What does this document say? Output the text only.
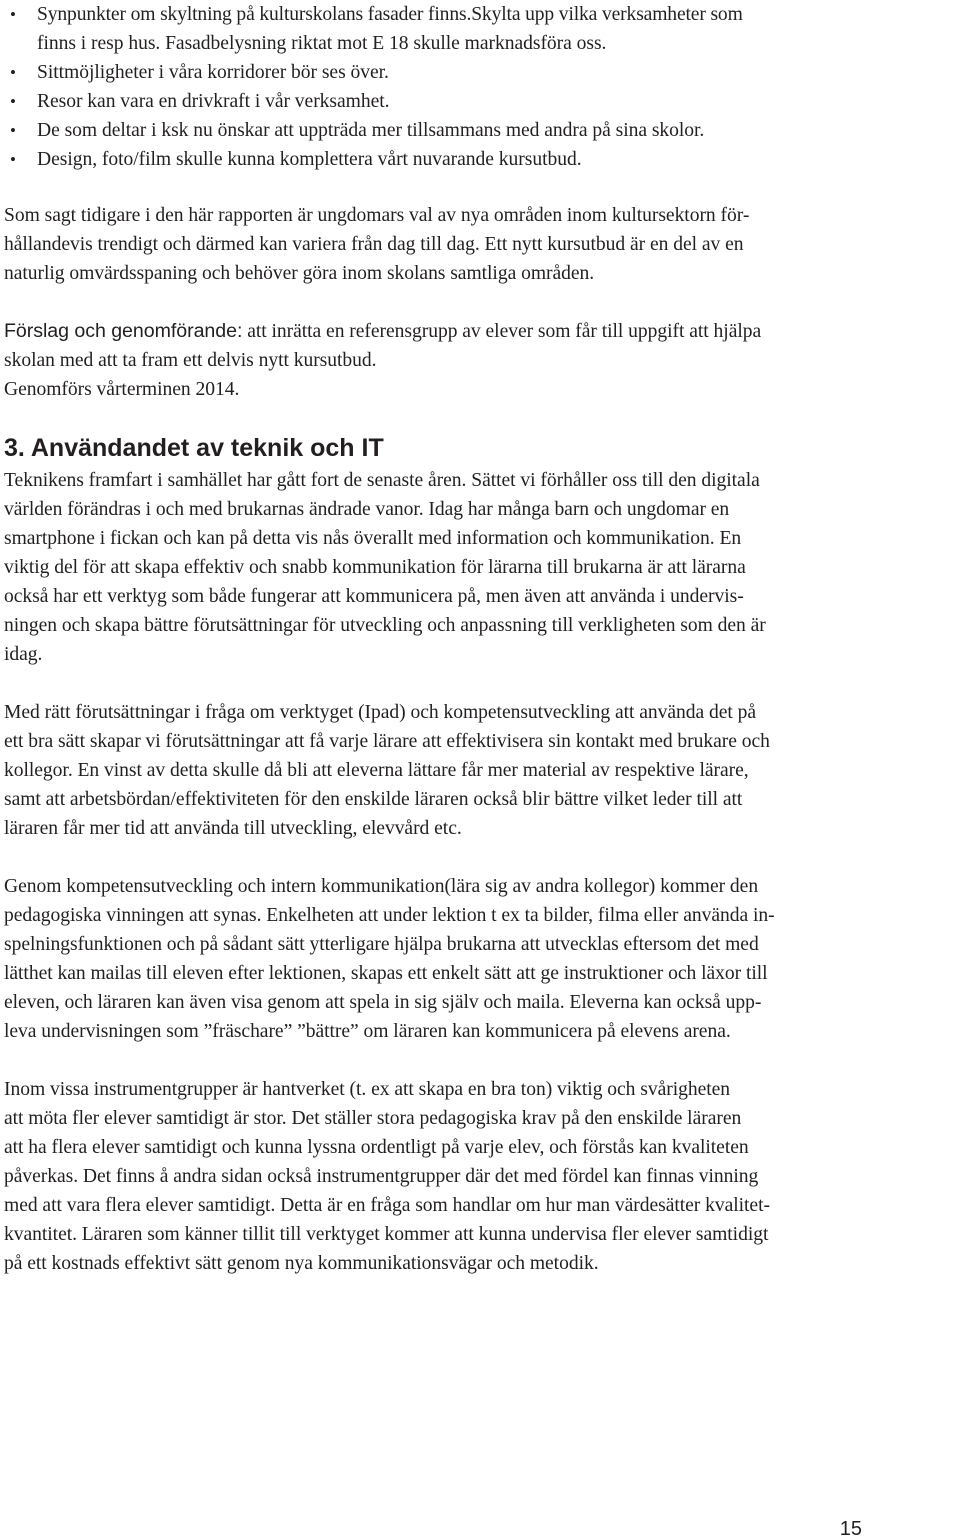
• Synpunkter om skyltning på kulturskolans fasader finns.Skylta upp vilka verksamheter som
finns i resp hus. Fasadbelysning riktat mot E 18 skulle marknadsföra oss.
• Sittmöjligheter i våra korridorer bör ses över.
• Resor kan vara en drivkraft i vår verksamhet.
• De som deltar i ksk nu önskar att uppträda mer tillsammans med andra på sina skolor.
• Design, foto/film skulle kunna komplettera vårt nuvarande kursutbud.
Som sagt tidigare i den här rapporten är ungdomars val av nya områden inom kultursektorn för-
hållandevis trendigt och därmed kan variera från dag till dag. Ett nytt kursutbud är en del av en
naturlig omvärdsspaning och behöver göra inom skolans samtliga områden.
Förslag och genomförande: att inrätta en referensgrupp av elever som får till uppgift att hjälpa
skolan med att ta fram ett delvis nytt kursutbud.
Genomförs vårterminen 2014.
3. Användandet av teknik och IT
Teknikens framfart i samhället har gått fort de senaste åren. Sättet vi förhåller oss till den digitala
världen förändras i och med brukarnas ändrade vanor. Idag har många barn och ungdomar en
smartphone i fickan och kan på detta vis nås överallt med information och kommunikation. En
viktig del för att skapa effektiv och snabb kommunikation för lärarna till brukarna är att lärarna
också har ett verktyg som både fungerar att kommunicera på, men även att använda i undervis-
ningen och skapa bättre förutsättningar för utveckling och anpassning till verkligheten som den är
idag.
Med rätt förutsättningar i fråga om verktyget (Ipad) och kompetensutveckling att använda det på
ett bra sätt skapar vi förutsättningar att få varje lärare att effektivisera sin kontakt med brukare och
kollegor. En vinst av detta skulle då bli att eleverna lättare får mer material av respektive lärare,
samt att arbetsbördan/effektiviteten för den enskilde läraren också blir bättre vilket leder till att
läraren får mer tid att använda till utveckling, elevvård etc.
Genom kompetensutveckling och intern kommunikation(lära sig av andra kollegor) kommer den
pedagogiska vinningen att synas. Enkelheten att under lektion t ex ta bilder, filma eller använda in-
spelningsfunktionen och på sådant sätt ytterligare hjälpa brukarna att utvecklas eftersom det med
lätthet kan mailas till eleven efter lektionen, skapas ett enkelt sätt att ge instruktioner och läxor till
eleven, och läraren kan även visa genom att spela in sig själv och maila. Eleverna kan också upp-
leva undervisningen som ”fräschare” ”bättre” om läraren kan kommunicera på elevens arena.
Inom vissa instrumentgrupper är hantverket (t. ex att skapa en bra ton) viktig och svårigheten
att möta fler elever samtidigt är stor. Det ställer stora pedagogiska krav på den enskilde läraren
att ha flera elever samtidigt och kunna lyssna ordentligt på varje elev, och förstås kan kvaliteten
påverkas. Det finns å andra sidan också instrumentgrupper där det med fördel kan finnas vinning
med att vara flera elever samtidigt. Detta är en fråga som handlar om hur man värdesätter kvalitet-
kvantitet. Läraren som känner tillit till verktyget kommer att kunna undervisa fler elever samtidigt
på ett kostnads effektivt sätt genom nya kommunikationsvägar och metodik.
15
